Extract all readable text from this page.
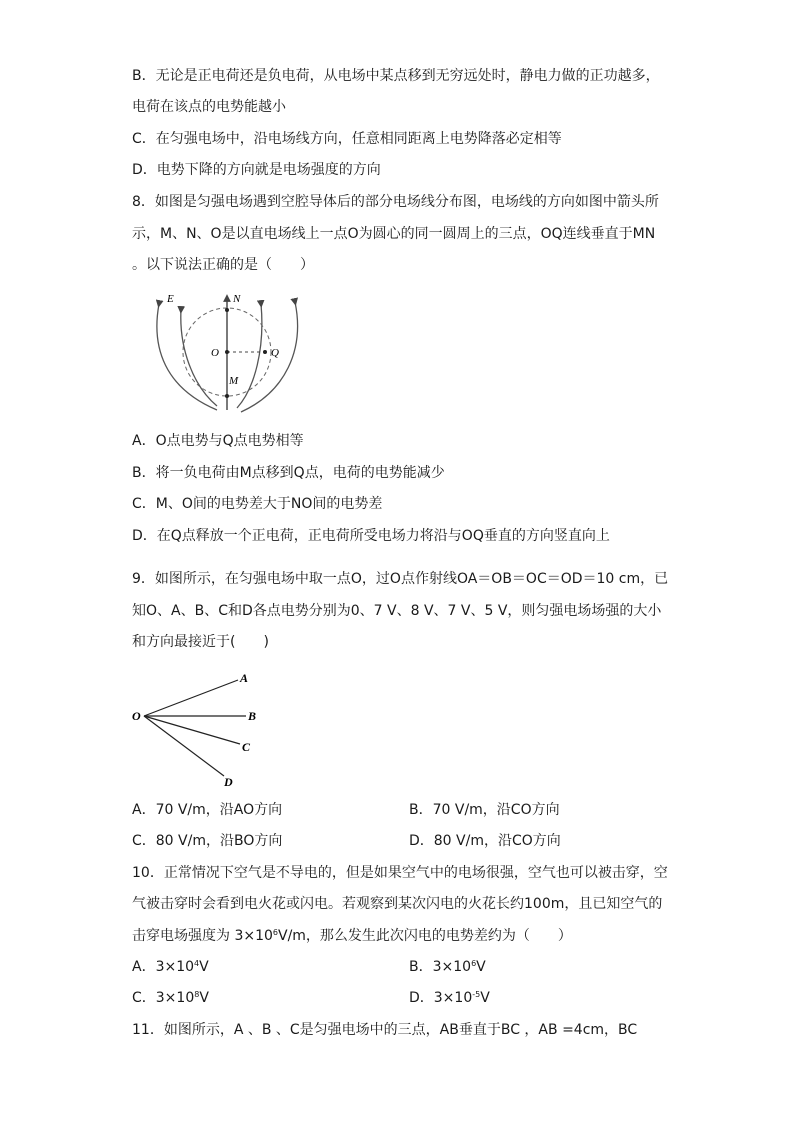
B．无论是正电荷还是负电荷，从电场中某点移到无穷远处时，静电力做的正功越多，
电荷在该点的电势能越小
C．在匀强电场中，沿电场线方向，任意相同距离上电势降落必定相等
D．电势下降的方向就是电场强度的方向
8．如图是匀强电场遇到空腔导体后的部分电场线分布图，电场线的方向如图中箭头所
示，M、N、O是以直电场线上一点O为圆心的同一圆周上的三点，OQ连线垂直于MN
。以下说法正确的是（　　）
E	N
O	Q
M
A．O点电势与Q点电势相等
B．将一负电荷由M点移到Q点，电荷的电势能减少
C．M、O间的电势差大于NO间的电势差
D．在Q点释放一个正电荷，正电荷所受电场力将沿与OQ垂直的方向竖直向上
9．如图所示，在匀强电场中取一点O，过O点作射线OA＝OB＝OC＝OD＝10 cm，已
知O、A、B、C和D各点电势分别为0、7 V、8 V、7 V、5 V，则匀强电场场强的大小
和方向最接近于(　　)
O
A
B
C
D
A．70 V/m，沿AO方向	B．70 V/m，沿CO方向
C．80 V/m，沿BO方向	D．80 V/m，沿CO方向
10．正常情况下空气是不导电的，但是如果空气中的电场很强，空气也可以被击穿，空
气被击穿时会看到电火花或闪电。若观察到某次闪电的火花长约100m，且已知空气的
击穿电场强度为 $3\times 10^6V/m$，那么发生此次闪电的电势差约为（　　）
A．$3\times 10^4V$	B．$3\times 10^6V$
C．$3\times 10^8V$	D．$3\times 10^{-5}V$
11．如图所示，A 、B 、C是匀强电场中的三点，AB垂直于BC ，AB =4cm，BC
